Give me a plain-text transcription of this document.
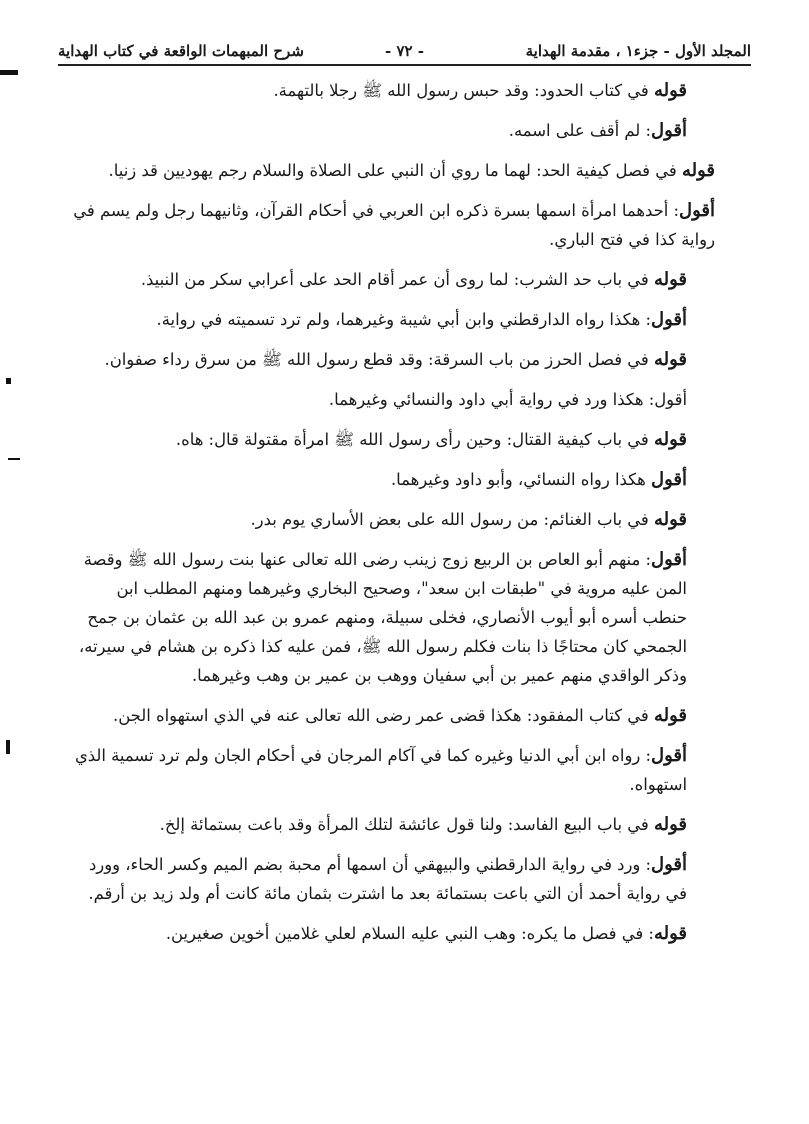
المجلد الأول - جزء١ ، مقدمة الهداية
- ٧٢ -
شرح المبهمات الواقعة في كتاب الهداية

قوله في كتاب الحدود: وقد حبس رسول الله ﷺ رجلا بالتهمة.

أقول: لم أقف على اسمه.

قوله في فصل كيفية الحد: لهما ما روي أن النبي على الصلاة والسلام رجم يهوديين قد زنيا.

أقول: أحدهما امرأة اسمها بسرة ذكره ابن العربي في أحكام القرآن، وثانيهما رجل ولم يسم في رواية كذا في فتح الباري.

قوله في باب حد الشرب: لما روى أن عمر أقام الحد على أعرابي سكر من النبيذ.

أقول: هكذا رواه الدارقطني وابن أبي شيبة وغيرهما، ولم ترد تسميته في رواية.

قوله في فصل الحرز من باب السرقة: وقد قطع رسول الله ﷺ من سرق رداء صفوان.

أقول: هكذا ورد في رواية أبي داود والنسائي وغيرهما.

قوله في باب كيفية القتال: وحين رأى رسول الله ﷺ امرأة مقتولة قال: هاه.

أقول هكذا رواه النسائي، وأبو داود وغيرهما.

قوله في باب الغنائم: من رسول الله على بعض الأساري يوم بدر.

أقول: منهم أبو العاص بن الربيع زوج زينب رضى الله تعالى عنها بنت رسول الله ﷺ وقصة المن عليه مروية في "طبقات ابن سعد"، وصحيح البخاري وغيرهما ومنهم المطلب ابن حنطب أسره أبو أيوب الأنصاري، فخلى سبيلة، ومنهم عمرو بن عبد الله بن عثمان بن جمح الجمحي كان محتاجًا ذا بنات فكلم رسول الله ﷺ، فمن عليه كذا ذكره بن هشام في سيرته، وذكر الواقدي منهم عمير بن أبي سفيان ووهب بن عمير بن وهب وغيرهما.

قوله في كتاب المفقود: هكذا قضى عمر رضى الله تعالى عنه في الذي استهواه الجن.

أقول: رواه ابن أبي الدنيا وغيره كما في آكام المرجان في أحكام الجان ولم ترد تسمية الذي استهواه.

قوله في باب البيع الفاسد: ولنا قول عائشة لتلك المرأة وقد باعت بستمائة إلخ.

أقول: ورد في رواية الدارقطني والبيهقي أن اسمها أم محبة بضم الميم وكسر الحاء، وورد في رواية أحمد أن التي باعت بستمائة بعد ما اشترت بثمان مائة كانت أم ولد زيد بن أرقم.

قوله: في فصل ما يكره: وهب النبي عليه السلام لعلي غلامين أخوين صغيرين.
